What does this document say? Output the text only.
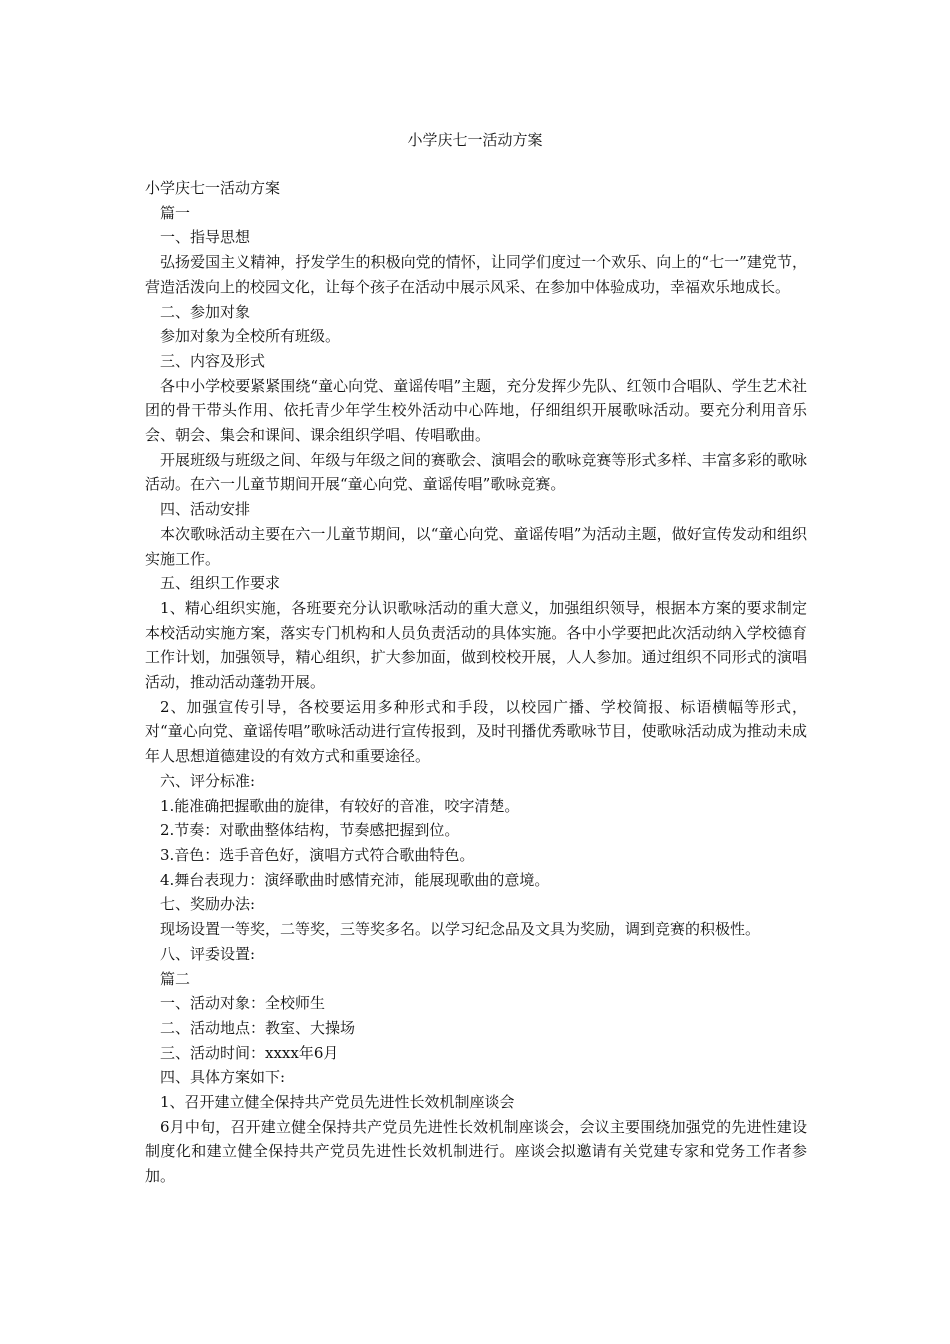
小学庆七一活动方案

小学庆七一活动方案

篇一

一、指导思想

弘扬爱国主义精神，抒发学生的积极向党的情怀，让同学们度过一个欢乐、向上的“七一”建党节，营造活泼向上的校园文化，让每个孩子在活动中展示风采、在参加中体验成功，幸福欢乐地成长。

二、参加对象

参加对象为全校所有班级。

三、内容及形式

各中小学校要紧紧围绕“童心向党、童谣传唱”主题，充分发挥少先队、红领巾合唱队、学生艺术社团的骨干带头作用、依托青少年学生校外活动中心阵地，仔细组织开展歌咏活动。要充分利用音乐会、朝会、集会和课间、课余组织学唱、传唱歌曲。

开展班级与班级之间、年级与年级之间的赛歌会、演唱会的歌咏竞赛等形式多样、丰富多彩的歌咏活动。在六一儿童节期间开展“童心向党、童谣传唱”歌咏竞赛。

四、活动安排

本次歌咏活动主要在六一儿童节期间，以“童心向党、童谣传唱”为活动主题，做好宣传发动和组织实施工作。

五、组织工作要求

1、精心组织实施，各班要充分认识歌咏活动的重大意义，加强组织领导，根据本方案的要求制定本校活动实施方案，落实专门机构和人员负责活动的具体实施。各中小学要把此次活动纳入学校德育工作计划，加强领导，精心组织，扩大参加面，做到校校开展，人人参加。通过组织不同形式的演唱活动，推动活动蓬勃开展。

2、加强宣传引导，各校要运用多种形式和手段，以校园广播、学校简报、标语横幅等形式，对“童心向党、童谣传唱”歌咏活动进行宣传报到，及时刊播优秀歌咏节目，使歌咏活动成为推动未成年人思想道德建设的有效方式和重要途径。

六、评分标准:

1.能准确把握歌曲的旋律，有较好的音准，咬字清楚。

2.节奏：对歌曲整体结构，节奏感把握到位。

3.音色：选手音色好，演唱方式符合歌曲特色。

4.舞台表现力：演绎歌曲时感情充沛，能展现歌曲的意境。

七、奖励办法:

现场设置一等奖，二等奖，三等奖多名。以学习纪念品及文具为奖励，调到竞赛的积极性。

八、评委设置:

篇二

一、活动对象：全校师生

二、活动地点：教室、大操场

三、活动时间：xxxx年6月

四、具体方案如下:

1、召开建立健全保持共产党员先进性长效机制座谈会

6月中旬，召开建立健全保持共产党员先进性长效机制座谈会，会议主要围绕加强党的先进性建设制度化和建立健全保持共产党员先进性长效机制进行。座谈会拟邀请有关党建专家和党务工作者参加。
